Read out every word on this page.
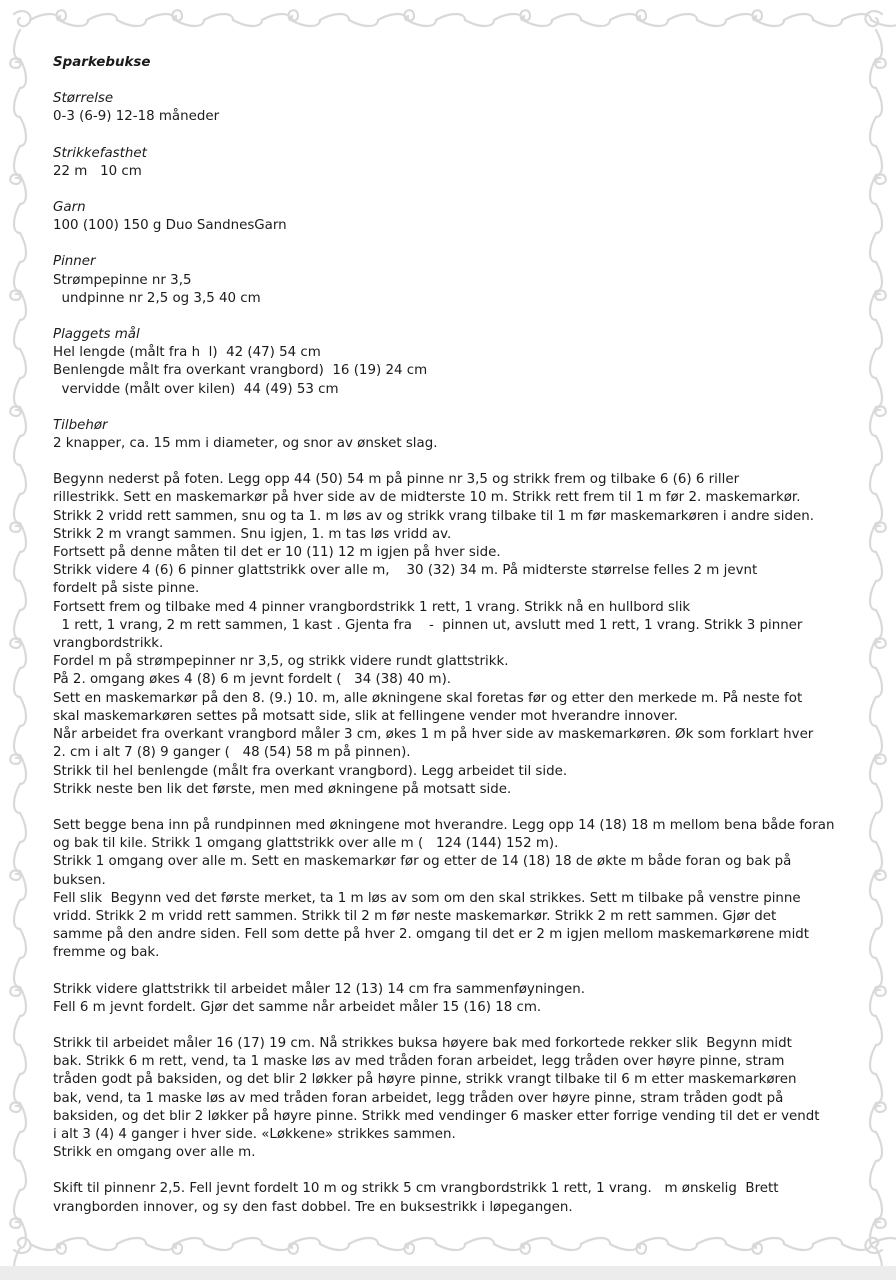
Sparkebukse
Størrelse
0-3 (6-9) 12-18 måneder
Strikkefasthet
22 m   10 cm
Garn
100 (100) 150 g Duo SandnesGarn
Pinner
Strømpepinne nr 3,5
undpinne nr 2,5 og 3,5 40 cm
Plaggets mål
Hel lengde (målt fra h  l)  42 (47) 54 cm
Benlengde målt fra overkant vrangbord)  16 (19) 24 cm
vervidde (målt over kilen)  44 (49) 53 cm
Tilbehør
2 knapper, ca. 15 mm i diameter, og snor av ønsket slag.
Begynn nederst på foten. Legg opp 44 (50) 54 m på pinne nr 3,5 og strikk frem og tilbake 6 (6) 6 riller
rillestrikk. Sett en maskemarkør på hver side av de midterste 10 m. Strikk rett frem til 1 m før 2. maskemarkør.
Strikk 2 vridd rett sammen, snu og ta 1. m løs av og strikk vrang tilbake til 1 m før maskemarkøren i andre siden.
Strikk 2 m vrangt sammen. Snu igjen, 1. m tas løs vridd av.
Fortsett på denne måten til det er 10 (11) 12 m igjen på hver side.
Strikk videre 4 (6) 6 pinner glattstrikk over alle m,    30 (32) 34 m. På midterste størrelse felles 2 m jevnt
fordelt på siste pinne.
Fortsett frem og tilbake med 4 pinner vrangbordstrikk 1 rett, 1 vrang. Strikk nå en hullbord slik
1 rett, 1 vrang, 2 m rett sammen, 1 kast . Gjenta fra    -  pinnen ut, avslutt med 1 rett, 1 vrang. Strikk 3 pinner
vrangbordstrikk.
Fordel m på strømpepinner nr 3,5, og strikk videre rundt glattstrikk.
På 2. omgang økes 4 (8) 6 m jevnt fordelt (   34 (38) 40 m).
Sett en maskemarkør på den 8. (9.) 10. m, alle økningene skal foretas før og etter den merkede m. På neste fot
skal maskemarkøren settes på motsatt side, slik at fellingene vender mot hverandre innover.
Når arbeidet fra overkant vrangbord måler 3 cm, økes 1 m på hver side av maskemarkøren. Øk som forklart hver
2. cm i alt 7 (8) 9 ganger (   48 (54) 58 m på pinnen).
Strikk til hel benlengde (målt fra overkant vrangbord). Legg arbeidet til side.
Strikk neste ben lik det første, men med økningene på motsatt side.
Sett begge bena inn på rundpinnen med økningene mot hverandre. Legg opp 14 (18) 18 m mellom bena både foran
og bak til kile. Strikk 1 omgang glattstrikk over alle m (   124 (144) 152 m).
Strikk 1 omgang over alle m. Sett en maskemarkør før og etter de 14 (18) 18 de økte m både foran og bak på
buksen.
Fell slik  Begynn ved det første merket, ta 1 m løs av som om den skal strikkes. Sett m tilbake på venstre pinne
vridd. Strikk 2 m vridd rett sammen. Strikk til 2 m før neste maskemarkør. Strikk 2 m rett sammen. Gjør det
samme på den andre siden. Fell som dette på hver 2. omgang til det er 2 m igjen mellom maskemarkørene midt
fremme og bak.
Strikk videre glattstrikk til arbeidet måler 12 (13) 14 cm fra sammenføyningen.
Fell 6 m jevnt fordelt. Gjør det samme når arbeidet måler 15 (16) 18 cm.
Strikk til arbeidet måler 16 (17) 19 cm. Nå strikkes buksa høyere bak med forkortede rekker slik  Begynn midt
bak. Strikk 6 m rett, vend, ta 1 maske løs av med tråden foran arbeidet, legg tråden over høyre pinne, stram
tråden godt på baksiden, og det blir 2 løkker på høyre pinne, strikk vrangt tilbake til 6 m etter maskemarkøren
bak, vend, ta 1 maske løs av med tråden foran arbeidet, legg tråden over høyre pinne, stram tråden godt på
baksiden, og det blir 2 løkker på høyre pinne. Strikk med vendinger 6 masker etter forrige vending til det er vendt
i alt 3 (4) 4 ganger i hver side. «Løkkene» strikkes sammen.
Strikk en omgang over alle m.
Skift til pinnenr 2,5. Fell jevnt fordelt 10 m og strikk 5 cm vrangbordstrikk 1 rett, 1 vrang.   m ønskelig  Brett
vrangborden innover, og sy den fast dobbel. Tre en buksestrikk i løpegangen.
